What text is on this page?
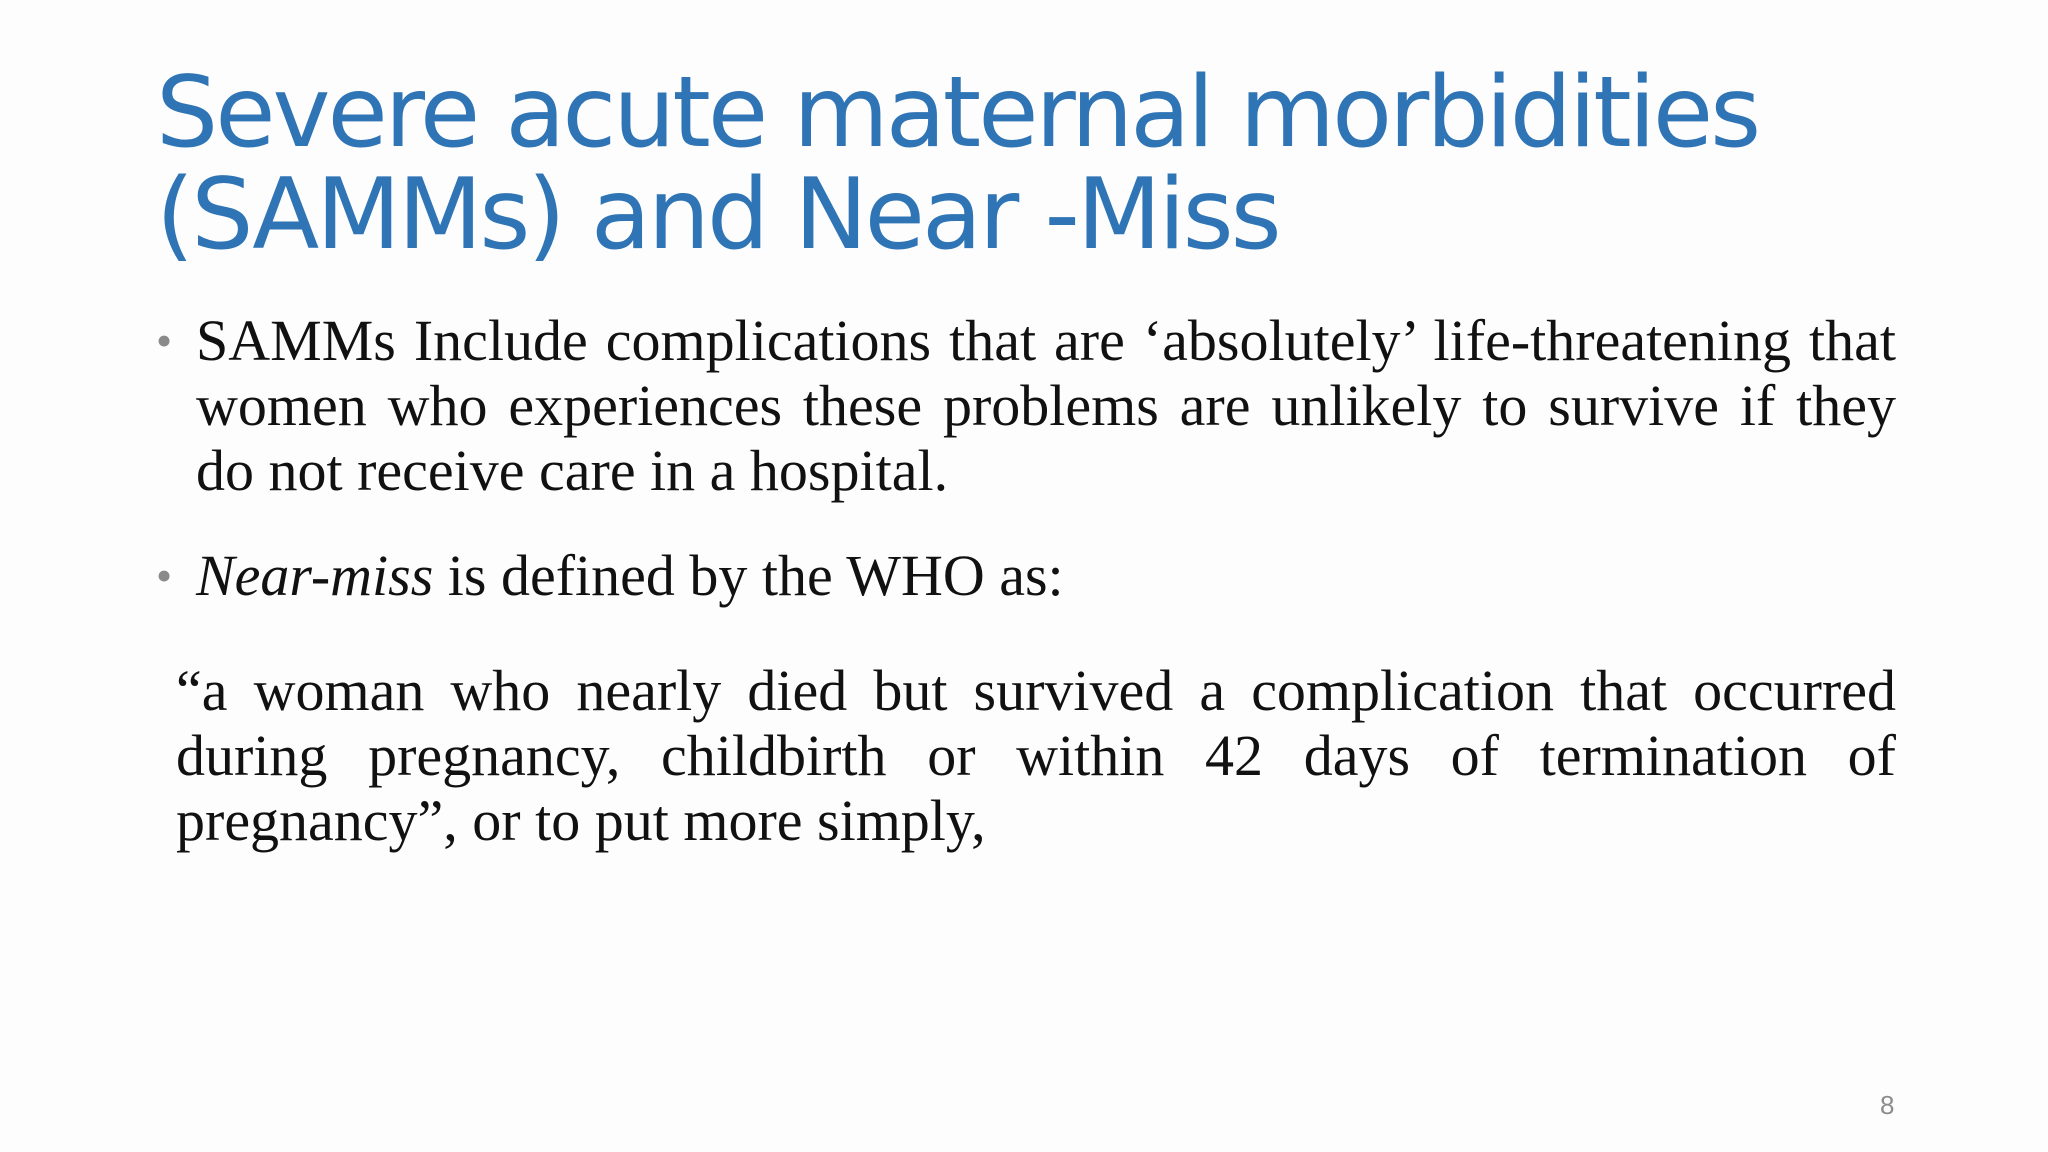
Severe acute maternal morbidities
(SAMMs) and Near -Miss
• SAMMs Include complications that are ‘absolutely’ life-threatening that women who experiences these problems are unlikely to survive if they do not receive care in a hospital.
• Near-miss is defined by the WHO as:

“a woman who nearly died but survived a complication that occurred during pregnancy, childbirth or within 42 days of termination of pregnancy”, or to put more simply,

8
